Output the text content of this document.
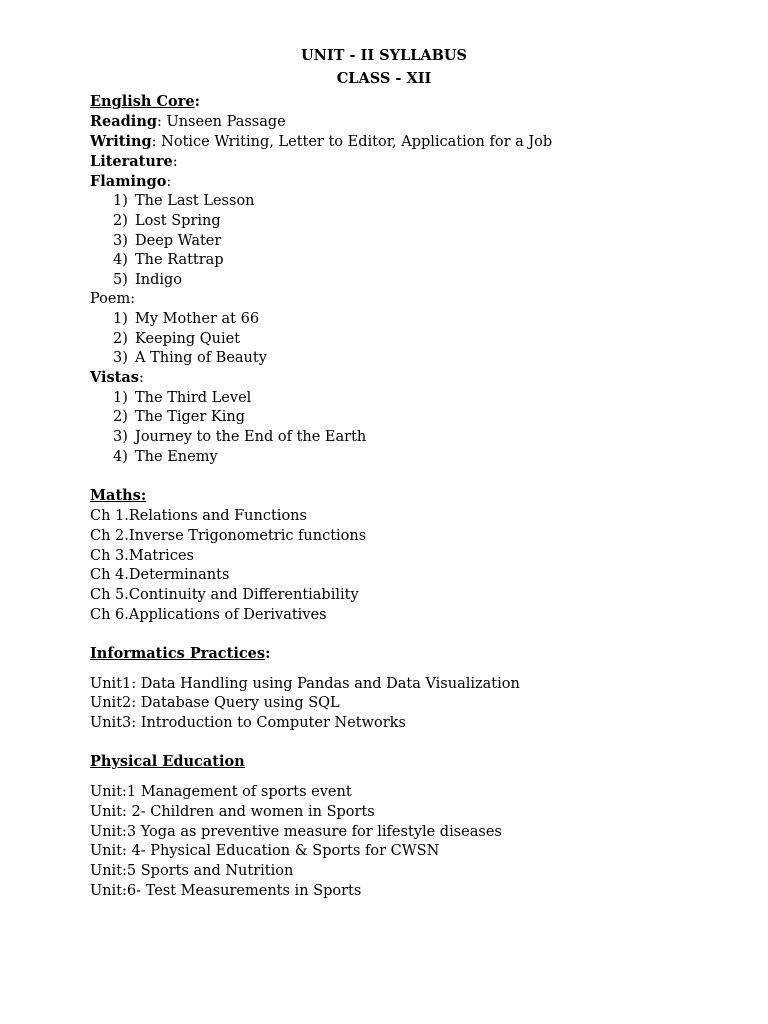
UNIT - II SYLLABUS
CLASS - XII
English Core:
Reading: Unseen Passage
Writing: Notice Writing, Letter to Editor, Application for a Job
Literature:
Flamingo:
1) The Last Lesson
2) Lost Spring
3) Deep Water
4) The Rattrap
5) Indigo
Poem:
1) My Mother at 66
2) Keeping Quiet
3) A Thing of Beauty
Vistas:
1) The Third Level
2) The Tiger King
3) Journey to the End of the Earth
4) The Enemy
Maths:
Ch 1.Relations and Functions
Ch 2.Inverse Trigonometric functions
Ch 3.Matrices
Ch 4.Determinants
Ch 5.Continuity and Differentiability
Ch 6.Applications of Derivatives
Informatics Practices:
Unit1: Data Handling using Pandas and Data Visualization
Unit2: Database Query using SQL
Unit3: Introduction to Computer Networks
Physical Education
Unit:1 Management of sports event
Unit: 2- Children and women in Sports
Unit:3 Yoga as preventive measure for lifestyle diseases
Unit: 4- Physical Education & Sports for CWSN
Unit:5 Sports and Nutrition
Unit:6- Test Measurements in Sports
